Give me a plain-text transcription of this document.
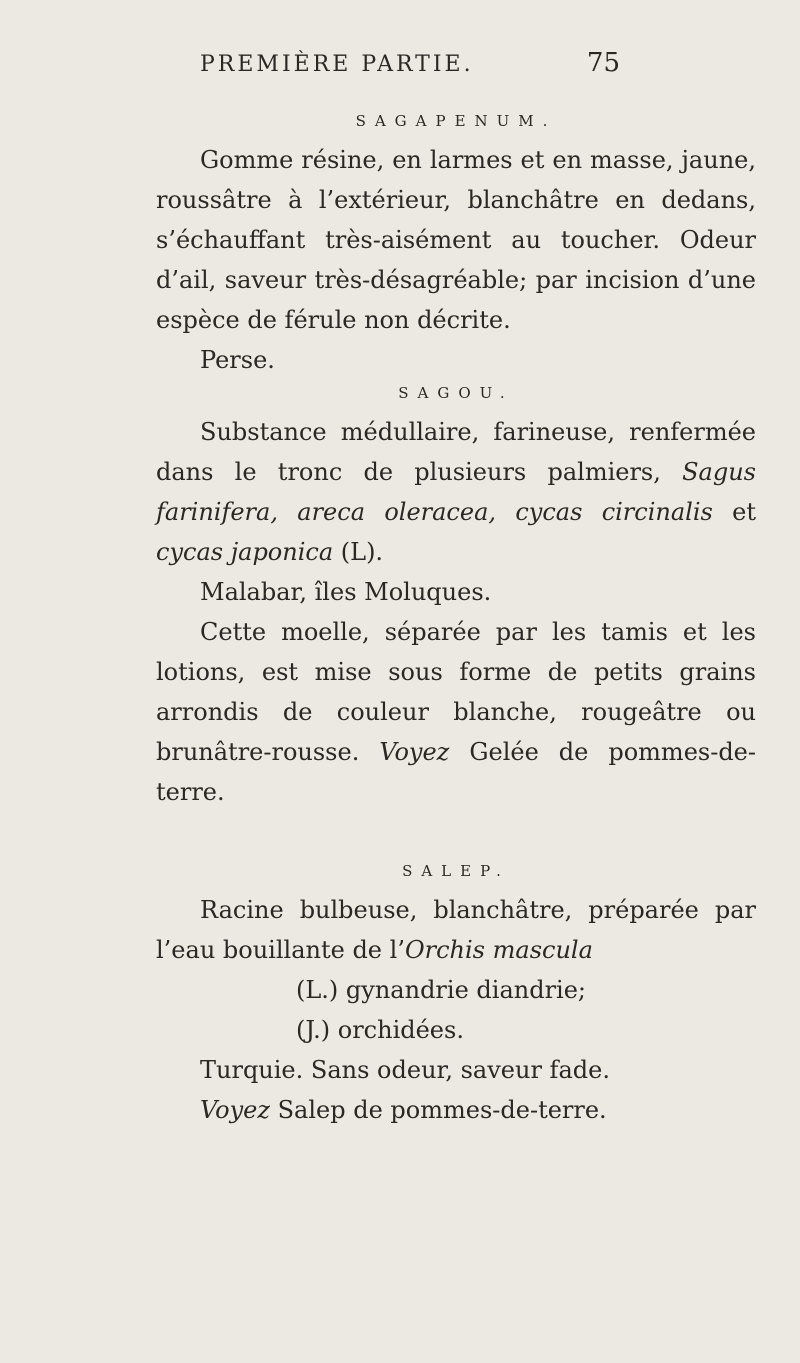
PREMIÈRE PARTIE.	75
SAGAPENUM.

Gomme résine, en larmes et en masse, jaune, roussâtre à l’extérieur, blanchâtre en dedans, s’échauffant très-aisément au toucher. Odeur d’ail, saveur très-désagréable; par incision d’une espèce de férule non décrite.

Perse.

SAGOU.

Substance médullaire, farineuse, renfermée dans le tronc de plusieurs palmiers, Sagus farinifera, areca oleracea, cycas circinalis et cycas japonica (L).

Malabar, îles Moluques.

Cette moelle, séparée par les tamis et les lotions, est mise sous forme de petits grains arrondis de couleur blanche, rougeâtre ou brunâtre-rousse. Voyez Gelée de pommes-de-terre.

SALEP.

Racine bulbeuse, blanchâtre, préparée par l’eau bouillante de l’Orchis mascula

(L.) gynandrie diandrie;
(J.) orchidées.

Turquie. Sans odeur, saveur fade.

Voyez Salep de pommes-de-terre.
